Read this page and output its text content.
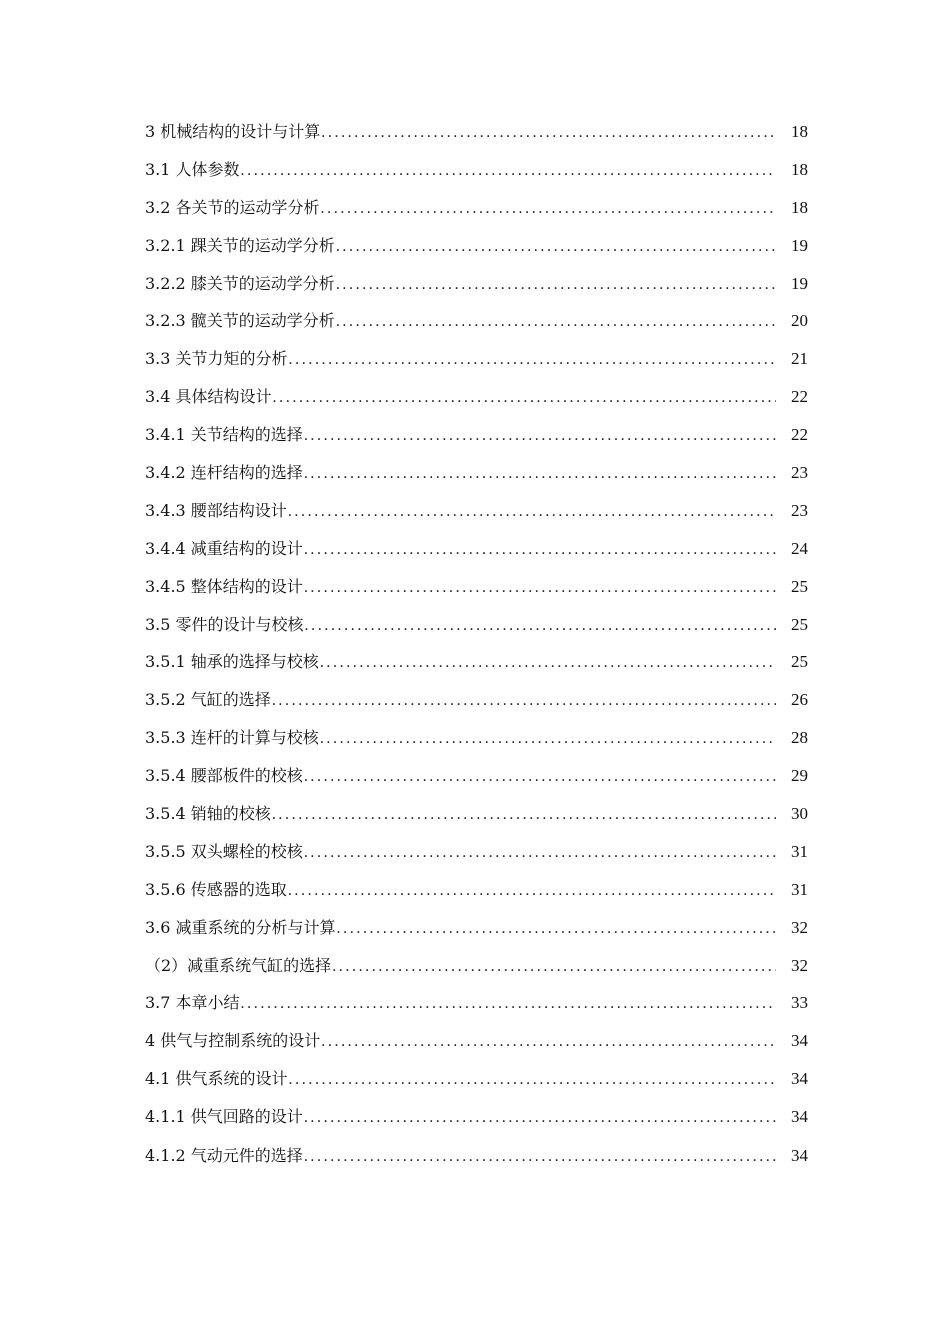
3 机械结构的设计与计算 .....	18
3.1 人体参数 .....	18
3.2 各关节的运动学分析 .....	18
3.2.1 踝关节的运动学分析 .....	19
3.2.2 膝关节的运动学分析 .....	19
3.2.3 髋关节的运动学分析 .....	20
3.3 关节力矩的分析 .....	21
3.4 具体结构设计 .....	22
3.4.1 关节结构的选择 .....	22
3.4.2 连杆结构的选择 .....	23
3.4.3 腰部结构设计 .....	23
3.4.4 减重结构的设计 .....	24
3.4.5 整体结构的设计 .....	25
3.5 零件的设计与校核 .....	25
3.5.1 轴承的选择与校核 .....	25
3.5.2 气缸的选择 .....	26
3.5.3 连杆的计算与校核 .....	28
3.5.4 腰部板件的校核 .....	29
3.5.4 销轴的校核 .....	30
3.5.5 双头螺栓的校核 .....	31
3.5.6 传感器的选取 .....	31
3.6 减重系统的分析与计算 .....	32
（2）减重系统气缸的选择 .....	32
3.7 本章小结 .....	33
4 供气与控制系统的设计 .....	34
4.1 供气系统的设计 .....	34
4.1.1 供气回路的设计 .....	34
4.1.2 气动元件的选择 .....	34
